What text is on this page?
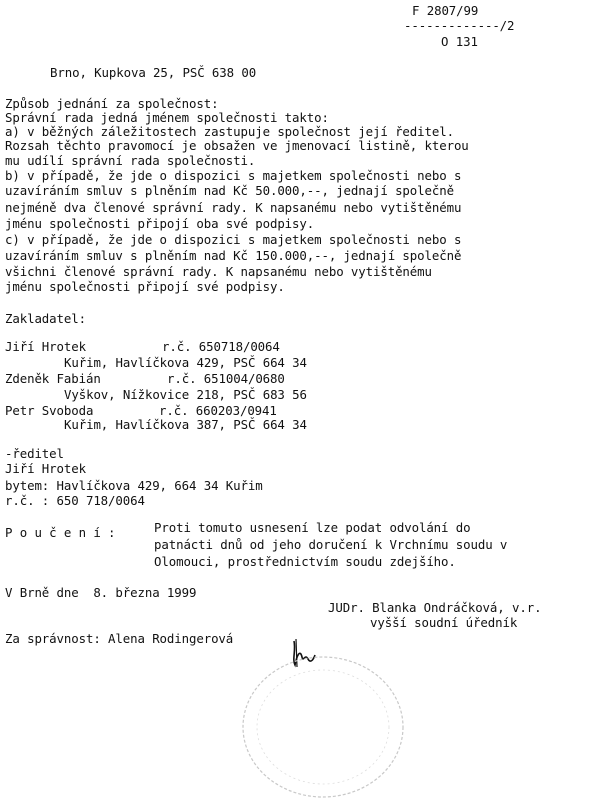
F 2807/99
-------------/2
O 131
Brno, Kupkova 25, PSČ 638 00
Způsob jednání za společnost:
Správní rada jedná jménem společnosti takto:
a) v běžných záležitostech zastupuje společnost její ředitel.
Rozsah těchto pravomocí je obsažen ve jmenovací listině, kterou
mu udílí správní rada společnosti.
b) v případě, že jde o dispozici s majetkem společnosti nebo s
uzavíráním smluv s plněním nad Kč 50.000,--, jednají společně
nejméně dva členové správní rady. K napsanému nebo vytištěnému
jménu společnosti připojí oba své podpisy.
c) v případě, že jde o dispozici s majetkem společnosti nebo s
uzavíráním smluv s plněním nad Kč 150.000,--, jednají společně
všichni členové správní rady. K napsanému nebo vytištěnému
jménu společnosti připojí své podpisy.
Zakladatel:
Jiří Hrotek	r.č. 650718/0064
Kuřim, Havlíčkova 429, PSČ 664 34
Zdeněk Fabián	r.č. 651004/0680
Vyškov, Nížkovice 218, PSČ 683 56
Petr Svoboda	r.č. 660203/0941
Kuřim, Havlíčkova 387, PSČ 664 34
-ředitel
Jiří Hrotek
bytem: Havlíčkova 429, 664 34 Kuřim
r.č. : 650 718/0064
P o u č e n í :	Proti tomuto usnesení lze podat odvolání do
patnácti dnů od jeho doručení k Vrchnímu soudu v
Olomouci, prostřednictvím soudu zdejšího.
V Brně dne  8. března 1999
JUDr. Blanka Ondráčková, v.r.
vyšší soudní úředník
Za správnost: Alena Rodingerová
